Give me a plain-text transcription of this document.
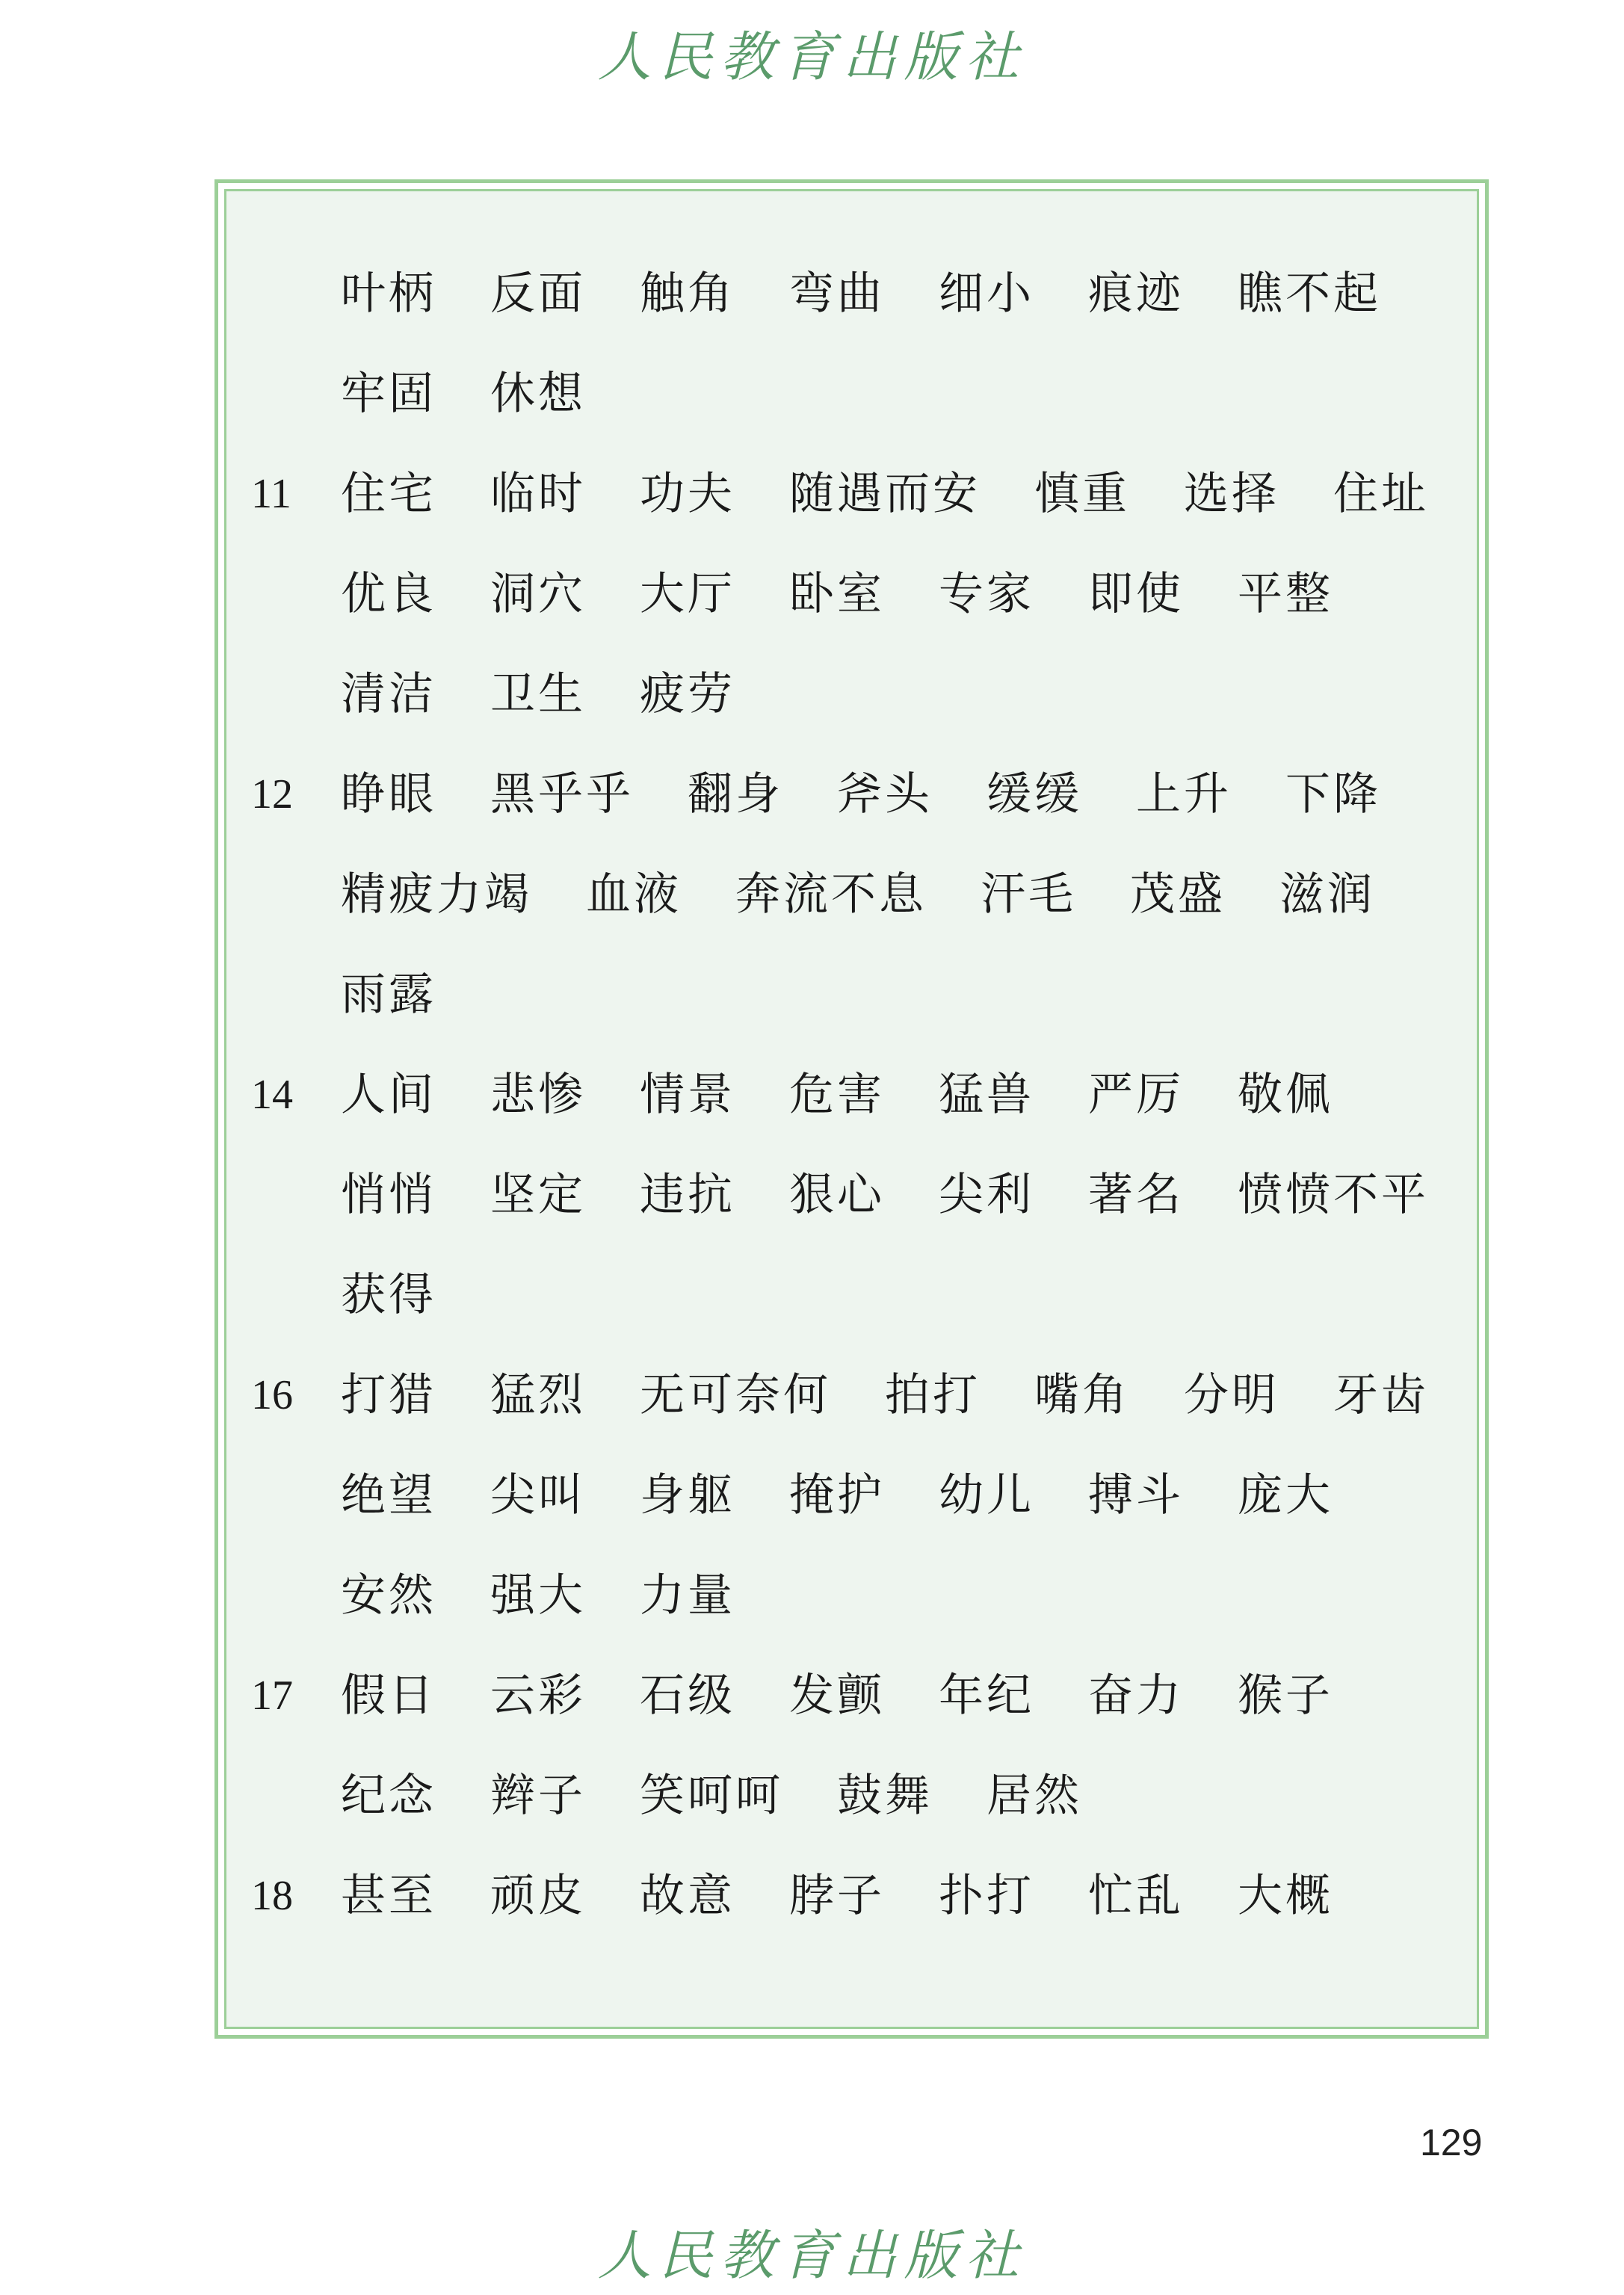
人民教育出版社
叶柄 反面 触角 弯曲 细小 痕迹 瞧不起
牢固 休想
11	住宅 临时 功夫 随遇而安 慎重 选择 住址
优良 洞穴 大厅 卧室 专家 即使 平整
清洁 卫生 疲劳
12	睁眼 黑乎乎 翻身 斧头 缓缓 上升 下降
精疲力竭 血液 奔流不息 汗毛 茂盛 滋润
雨露
14	人间 悲惨 情景 危害 猛兽 严厉 敬佩
悄悄 坚定 违抗 狠心 尖利 著名 愤愤不平
获得
16	打猎 猛烈 无可奈何 拍打 嘴角 分明 牙齿
绝望 尖叫 身躯 掩护 幼儿 搏斗 庞大
安然 强大 力量
17	假日 云彩 石级 发颤 年纪 奋力 猴子
纪念 辫子 笑呵呵 鼓舞 居然
18	甚至 顽皮 故意 脖子 扑打 忙乱 大概
129
人民教育出版社
